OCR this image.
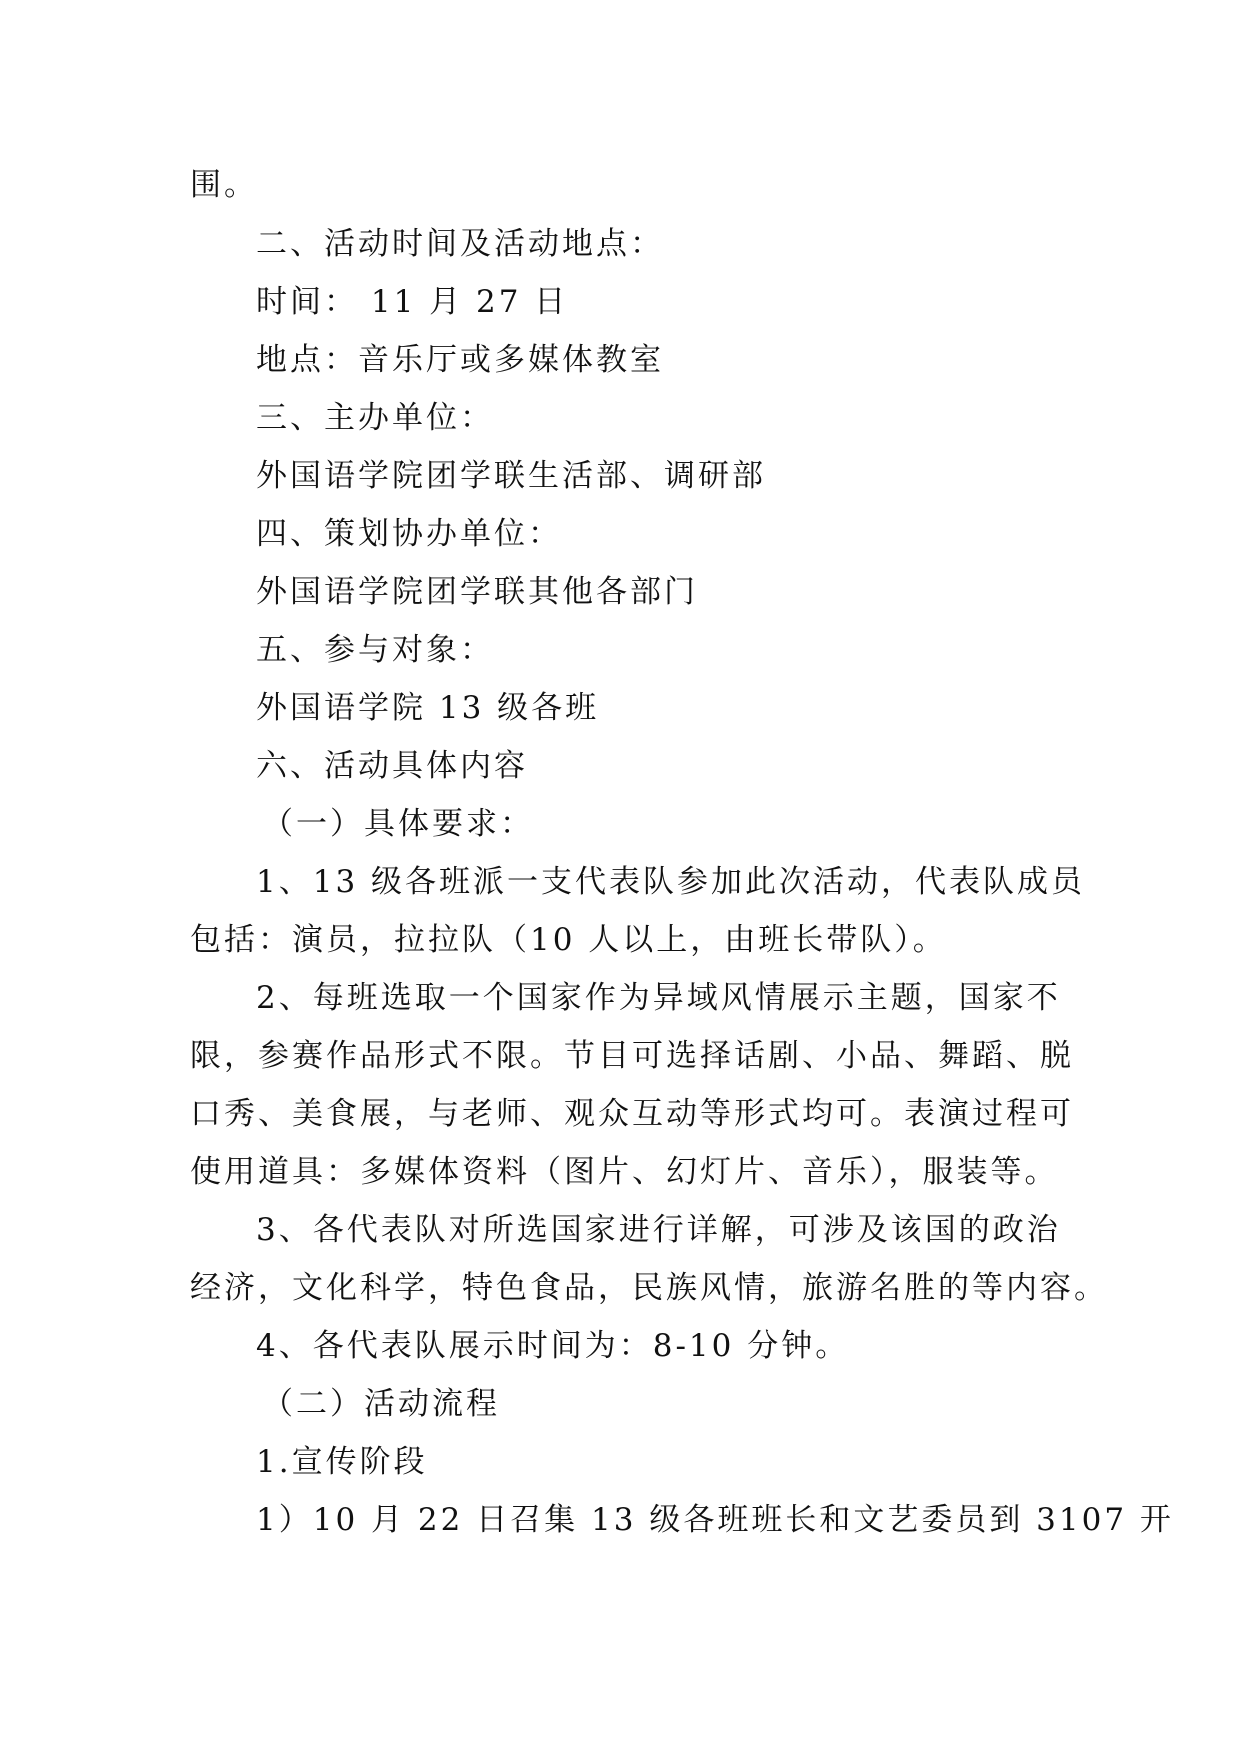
围。
二、活动时间及活动地点：
时间： 11 月 27 日
地点：音乐厅或多媒体教室
三、主办单位：
外国语学院团学联生活部、调研部
四、策划协办单位：
外国语学院团学联其他各部门
五、参与对象：
外国语学院 13 级各班
六、活动具体内容
（一）具体要求：
1、13 级各班派一支代表队参加此次活动，代表队成员
包括：演员，拉拉队（10 人以上，由班长带队）。
2、每班选取一个国家作为异域风情展示主题，国家不
限，参赛作品形式不限。节目可选择话剧、小品、舞蹈、脱
口秀、美食展，与老师、观众互动等形式均可。表演过程可
使用道具：多媒体资料（图片、幻灯片、音乐），服装等。
3、各代表队对所选国家进行详解，可涉及该国的政治
经济，文化科学，特色食品，民族风情，旅游名胜的等内容。
4、各代表队展示时间为：8-10 分钟。
（二）活动流程
1.宣传阶段
1）10 月 22 日召集 13 级各班班长和文艺委员到 3107 开
